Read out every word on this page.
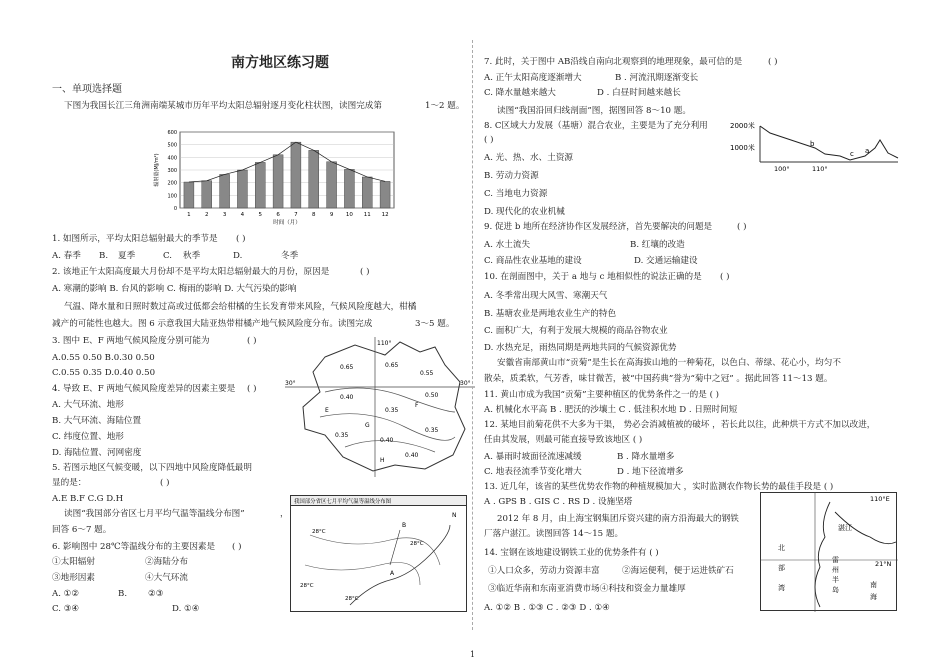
南方地区练习题
一、单项选择题
下图为我国长江三角洲南端某城市历年平均太阳总辐射逐月变化柱状图，读图完成第	1～2 题。
1. 如图所示，平均太阳总辐射最大的季节是 ( )
A. 春季 B. 夏季	C. 秋季	D.	冬季
2. 该地正午太阳高度最大月份却不是平均太阳总辐射最大的月份，原因是	( )
A. 寒潮的影响 B. 台风的影响 C. 梅雨的影响 D. 大气污染的影响
气温、降水量和日照时数过高或过低都会给柑橘的生长发育带来风险，气候风险度越大，柑橘
减产的可能性也越大。图 6 示意我国大陆亚热带柑橘产地气候风险度分布。读图完成	3～5 题。
3. 图中 E、F 两地气候风险度分别可能为	( )
A.0.55 0.50 B.0.30 0.50
C.0.55 0.35 D.0.40 0.50
4. 导致 E、F 两地气候风险度差异的因素主要是 ( )
A. 大气环流、地形
B. 大气环流、海陆位置
C. 纬度位置、地形
D. 海陆位置、河网密度
5. 若图示地区气候变暖，以下四地中风险度降低最明
显的是：	( )
A.E B.F C.G D.H
读图“我国部分省区七月平均气温等温线分布图”	，
回答 6～7 题。
6. 影响图中 28℃等温线分布的主要因素是 ( )
①太阳辐射	②海陆分布
③地形因素	④大气环流
A. ①②	B. ②③
C. ③④	D. ①④
0
100
200
300
400
500
600
1	2	3	4	5	6	7	8	9 10 11 12
时间（月）
辐射量(MJ/m²)
110°
30°	30°
0.65	0.65
0.55
0.50
0.40
0.35
0.35
0.40
0.35
0.40
E
F
G
H
我国部分省区七月平均气温等温线分布图
N
28°C
28°C
28°C
28°C
A
B
7. 此时，关于图中 AB沿线自南向北观察到的地理现象，最可信的是	( )
A. 正午太阳高度逐渐增大	B . 河流汛期逐渐变长
C. 降水量越来越大	D . 白昼时间越来越长
读图“我国沿回归线剖面”图，据图回答 8～10 题。
8. C区域大力发展（基塘）混合农业，主要是为了充分利用
( )
A. 光、热、水、土资源
B. 劳动力资源
C. 当地电力资源
D. 现代化的农业机械
9. 促进 b 地所在经济协作区发展经济，首先要解决的问题是	( )
A. 水土流失	B. 红壤的改造
C. 商品性农业基地的建设	D. 交通运输建设
10. 在剖面图中，关于 a 地与 c 地相似性的说法正确的是 ( )
A. 冬季常出现大风雪、寒潮天气
B. 基塘农业是两地农业生产的特色
C. 面积广大，有利于发展大规模的商品谷物农业
D. 水热充足，雨热同期是两地共同的气候资源优势
安徽省南部黄山市“贡菊”是生长在高海拔山地的一种菊花，以色白、蒂绿、花心小，均匀不
散朵，质柔软，气芳香，味甘微苦，被“中国药典”誉为“菊中之冠” 。据此回答 11～13 题。
11. 黄山市成为我国“贡菊”主要种植区的优势条件之一的是 ( )
A. 机械化水平高 B . 肥沃的沙壤土 C . 低洼积水地 D . 日照时间短
12. 某地目前菊花供不大多为干渠， 势必会消减植被的破坏 ，若长此以往，此种烘干方式不加以改进，
任由其发展，则最可能直接导致该地区 ( )
A. 暴雨时坡面径流速减缓	B . 降水量增多
C. 地表径流季节变化增大	D . 地下径流增多
13. 近几年，该省的某些优势农作物的种植规模加大 ，实时监测农作物长势的最佳手段是 ( )
A . GPS B . GIS C . RS D . 设施坚塔
2012 年 8 月，由上海宝钢集团斥资兴建的南方沿海最大的钢铁
厂落户湛江。读图回答 14～15 题。
14. 宝钢在该地建设钢铁工业的优势条件有 ( )
①人口众多，劳动力资源丰富	②海运便利，便于运进铁矿石
③临近华南和东南亚消费市场④科技和资金力量雄厚
A. ①② B . ①③ C . ②③ D . ①④
2000米
1000米
100°	110°
b
c a
110°E
21°N
湛江
北
部
湾
雷
州
半
岛
南
海
1
